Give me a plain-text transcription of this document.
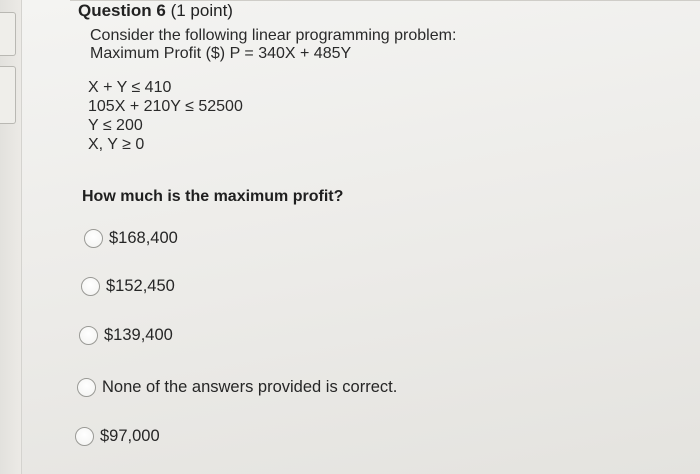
Question 6 (1 point)
Consider the following linear programming problem:
Maximum Profit ($) P = 340X + 485Y
X + Y ≤ 410
105X + 210Y ≤ 52500
Y ≤ 200
X, Y ≥ 0
How much is the maximum profit?
$168,400
$152,450
$139,400
None of the answers provided is correct.
$97,000
